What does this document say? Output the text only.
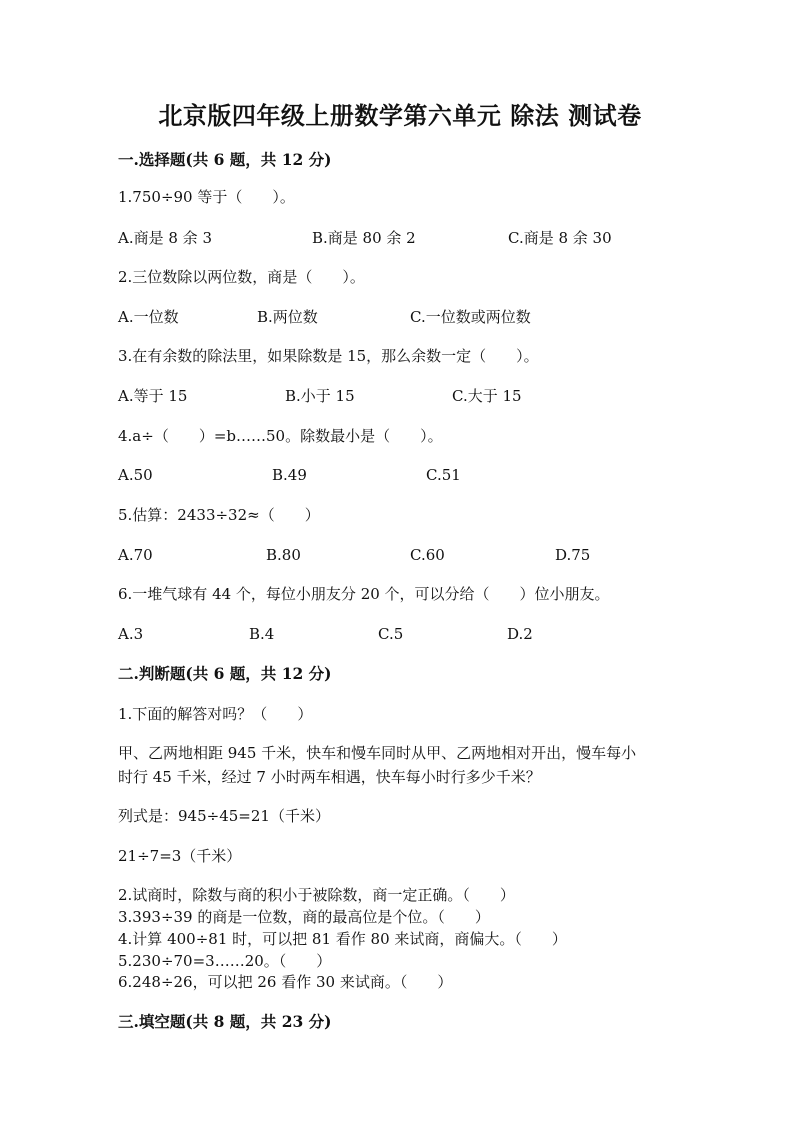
北京版四年级上册数学第六单元 除法 测试卷
一.选择题(共 6 题，共 12 分)
1.750÷90 等于（　　）。
A.商是 8 余 3	B.商是 80 余 2	C.商是 8 余 30
2.三位数除以两位数，商是（　　）。
A.一位数	B.两位数	C.一位数或两位数
3.在有余数的除法里，如果除数是 15，那么余数一定（　　）。
A.等于 15	B.小于 15	C.大于 15
4.a÷（　　）=b……50。除数最小是（　　）。
A.50	B.49	C.51
5.估算：2433÷32≈（　　）
A.70	B.80	C.60	D.75
6.一堆气球有 44 个，每位小朋友分 20 个，可以分给（　　）位小朋友。
A.3	B.4	C.5	D.2
二.判断题(共 6 题，共 12 分)
1.下面的解答对吗？（　　）
甲、乙两地相距 945 千米，快车和慢车同时从甲、乙两地相对开出，慢车每小
时行 45 千米，经过 7 小时两车相遇，快车每小时行多少千米？
列式是：945÷45=21（千米）
21÷7=3（千米）
2.试商时，除数与商的积小于被除数，商一定正确。（　　）
3.393÷39 的商是一位数，商的最高位是个位。（　　）
4.计算 400÷81 时，可以把 81 看作 80 来试商，商偏大。（　　）
5.230÷70=3……20。（　　）
6.248÷26，可以把 26 看作 30 来试商。（　　）
三.填空题(共 8 题，共 23 分)
